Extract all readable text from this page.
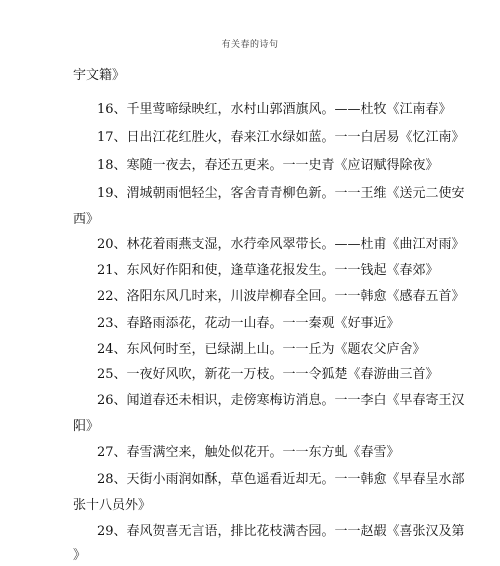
有关春的诗句
宇文籍》
16、千里莺啼绿映红，水村山郭酒旗风。——杜牧《江南春》
17、日出江花红胜火，春来江水绿如蓝。一一白居易《忆江南》
18、寒随一夜去，春还五更来。一一史青《应诏赋得除夜》
19、渭城朝雨悒轻尘，客舍青青柳色新。一一王维《送元二使安
西》
20、林花着雨燕支湿，水荇牵风翠带长。——杜甫《曲江对雨》
21、东风好作阳和使，逢草逢花报发生。一一钱起《春郊》
22、洛阳东风几时来，川波岸柳春全回。一一韩愈《感春五首》
23、春路雨添花，花动一山春。一一秦观《好事近》
24、东风何时至，已绿湖上山。一一丘为《题农父庐舍》
25、一夜好风吹，新花一万枝。一一令狐楚《春游曲三首》
26、闻道春还未相识，走傍寒梅访消息。一一李白《早春寄王汉
阳》
27、春雪满空来，触处似花开。一一东方虬《春雪》
28、天街小雨润如酥，草色遥看近却无。一一韩愈《早春呈水部
张十八员外》
29、春风贺喜无言语，排比花枝满杏园。一一赵嘏《喜张汉及第
》
